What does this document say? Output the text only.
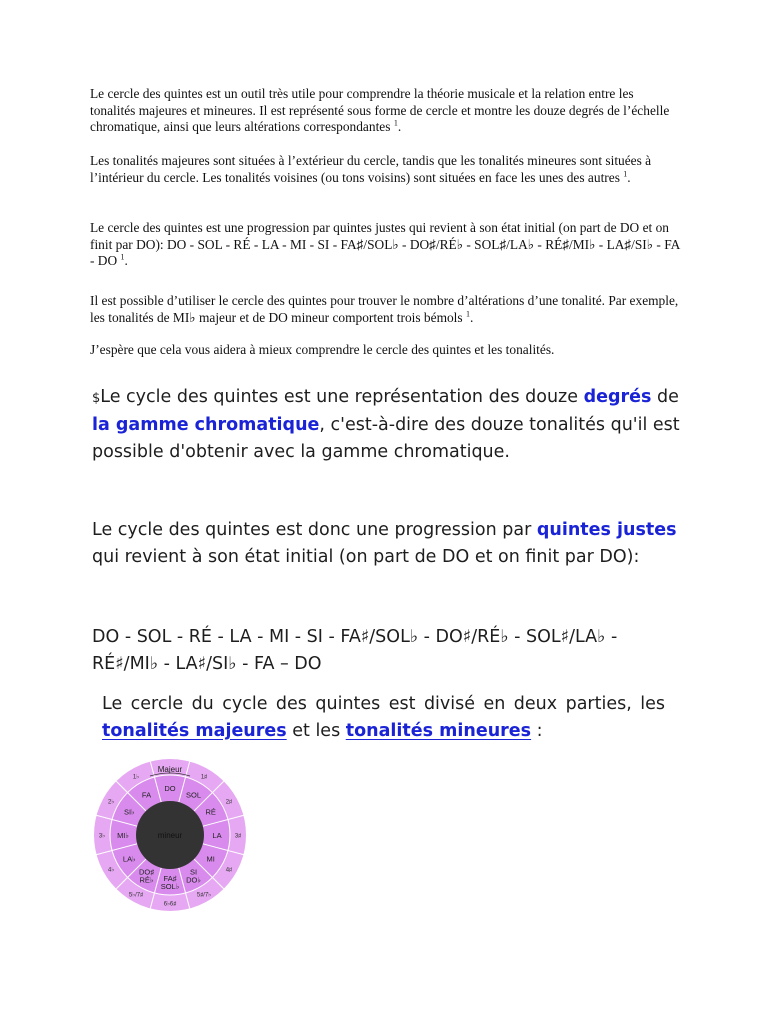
Le cercle des quintes est un outil très utile pour comprendre la théorie musicale et la relation entre les tonalités majeures et mineures. Il est représenté sous forme de cercle et montre les douze degrés de l’échelle chromatique, ainsi que leurs altérations correspondantes $^1$.
Les tonalités majeures sont situées à l’extérieur du cercle, tandis que les tonalités mineures sont situées à l’intérieur du cercle. Les tonalités voisines (ou tons voisins) sont situées en face les unes des autres $^1$.
Le cercle des quintes est une progression par quintes justes qui revient à son état initial (on part de DO et on finit par DO): DO - SOL - RÉ - LA - MI - SI - FA♯/SOL♭ - DO♯/RÉ♭ - SOL♯/LA♭ - RÉ♯/MI♭ - LA♯/SI♭ - FA - DO $^1$.
Il est possible d’utiliser le cercle des quintes pour trouver le nombre d’altérations d’une tonalité. Par exemple, les tonalités de MI♭ majeur et de DO mineur comportent trois bémols $^1$.
J’espère que cela vous aidera à mieux comprendre le cercle des quintes et les tonalités.
$Le cycle des quintes est une représentation des douze degrés de la gamme chromatique, c'est-à-dire des douze tonalités qu'il est possible d'obtenir avec la gamme chromatique.
Le cycle des quintes est donc une progression par quintes justes qui revient à son état initial (on part de DO et on finit par DO):
DO - SOL - RÉ - LA - MI - SI - FA♯/SOL♭ - DO♯/RÉ♭ - SOL♯/LA♭ - RÉ♯/MI♭ - LA♯/SI♭ - FA – DO
Le cercle du cycle des quintes est divisé en deux parties, les tonalités majeures et les tonalités mineures :
mineur
Majeur
DO
SOL
RÉ
LA
MI
SI
DO♭
FA♯
SOL♭
DO♯
RÉ♭
LA♭
MI♭
SI♭
FA
1♯
2♯
3♯
4♯
5♯/7♭
6♭6♯
5♭/7♯
4♭
3♭
2♭
1♭
